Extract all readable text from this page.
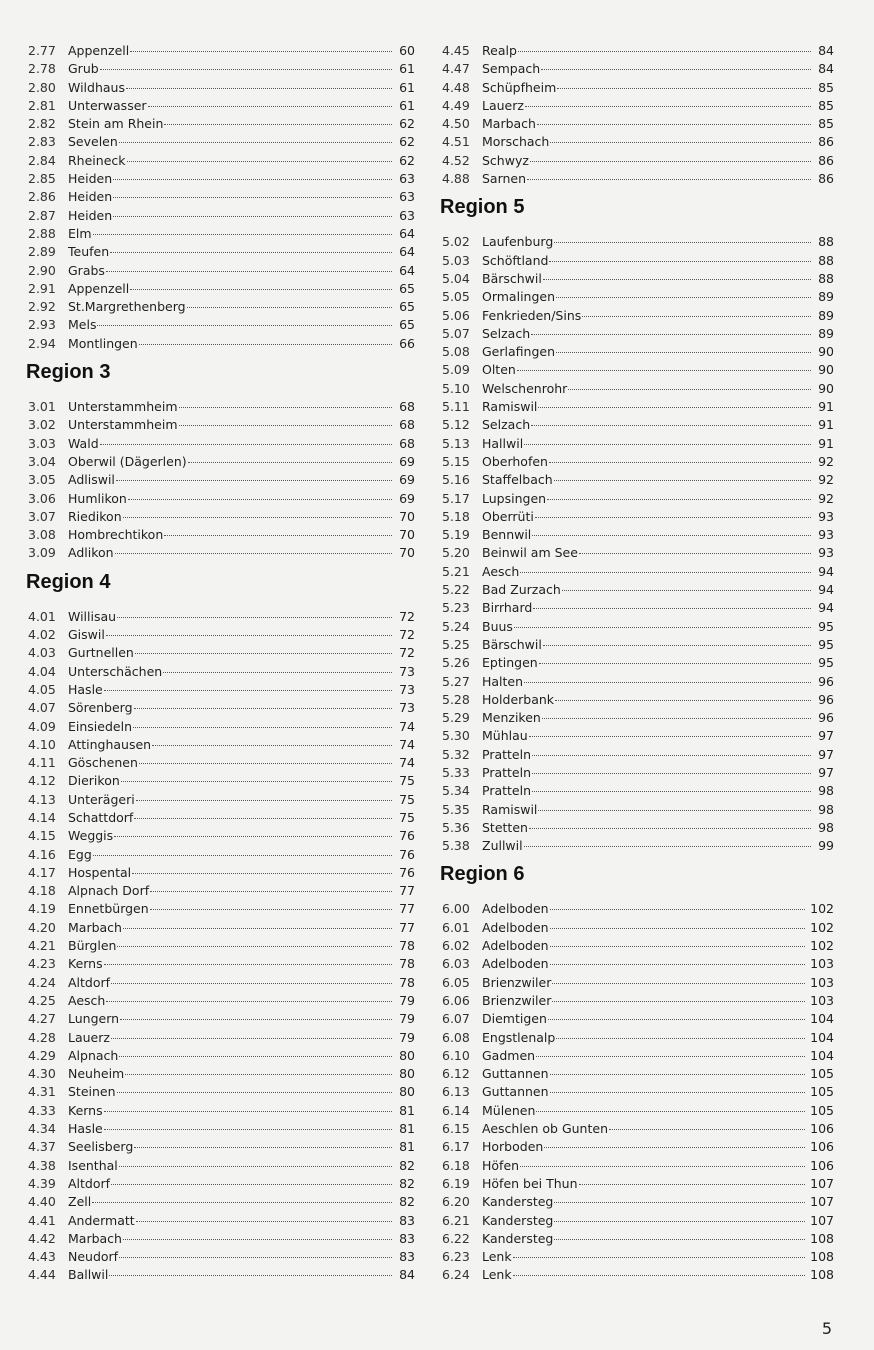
2.77 Appenzell	60
2.78 Grub	61
2.80 Wildhaus	61
2.81 Unterwasser	61
2.82 Stein am Rhein	62
2.83 Sevelen	62
2.84 Rheineck	62
2.85 Heiden	63
2.86 Heiden	63
2.87 Heiden	63
2.88 Elm	64
2.89 Teufen	64
2.90 Grabs	64
2.91 Appenzell	65
2.92 St.Margrethenberg	65
2.93 Mels	65
2.94 Montlingen	66
Region 3
3.01 Unterstammheim	68
3.02 Unterstammheim	68
3.03 Wald	68
3.04 Oberwil (Dägerlen)	69
3.05 Adliswil	69
3.06 Humlikon	69
3.07 Riedikon	70
3.08 Hombrechtikon	70
3.09 Adlikon	70
Region 4
4.01 Willisau	72
4.02 Giswil	72
4.03 Gurtnellen	72
4.04 Unterschächen	73
4.05 Hasle	73
4.07 Sörenberg	73
4.09 Einsiedeln	74
4.10 Attinghausen	74
4.11 Göschenen	74
4.12 Dierikon	75
4.13 Unterägeri	75
4.14 Schattdorf	75
4.15 Weggis	76
4.16 Egg	76
4.17 Hospental	76
4.18 Alpnach Dorf	77
4.19 Ennetbürgen	77
4.20 Marbach	77
4.21 Bürglen	78
4.23 Kerns	78
4.24 Altdorf	78
4.25 Aesch	79
4.27 Lungern	79
4.28 Lauerz	79
4.29 Alpnach	80
4.30 Neuheim	80
4.31 Steinen	80
4.33 Kerns	81
4.34 Hasle	81
4.37 Seelisberg	81
4.38 Isenthal	82
4.39 Altdorf	82
4.40 Zell	82
4.41 Andermatt	83
4.42 Marbach	83
4.43 Neudorf	83
4.44 Ballwil	84
4.45 Realp	84
4.47 Sempach	84
4.48 Schüpfheim	85
4.49 Lauerz	85
4.50 Marbach	85
4.51 Morschach	86
4.52 Schwyz	86
4.88 Sarnen	86
Region 5
5.02 Laufenburg	88
5.03 Schöftland	88
5.04 Bärschwil	88
5.05 Ormalingen	89
5.06 Fenkrieden/Sins	89
5.07 Selzach	89
5.08 Gerlafingen	90
5.09 Olten	90
5.10 Welschenrohr	90
5.11 Ramiswil	91
5.12 Selzach	91
5.13 Hallwil	91
5.15 Oberhofen	92
5.16 Staffelbach	92
5.17 Lupsingen	92
5.18 Oberrüti	93
5.19 Bennwil	93
5.20 Beinwil am See	93
5.21 Aesch	94
5.22 Bad Zurzach	94
5.23 Birrhard	94
5.24 Buus	95
5.25 Bärschwil	95
5.26 Eptingen	95
5.27 Halten	96
5.28 Holderbank	96
5.29 Menziken	96
5.30 Mühlau	97
5.32 Pratteln	97
5.33 Pratteln	97
5.34 Pratteln	98
5.35 Ramiswil	98
5.36 Stetten	98
5.38 Zullwil	99
Region 6
6.00 Adelboden	102
6.01 Adelboden	102
6.02 Adelboden	102
6.03 Adelboden	103
6.05 Brienzwiler	103
6.06 Brienzwiler	103
6.07 Diemtigen	104
6.08 Engstlenalp	104
6.10 Gadmen	104
6.12 Guttannen	105
6.13 Guttannen	105
6.14 Mülenen	105
6.15 Aeschlen ob Gunten	106
6.17 Horboden	106
6.18 Höfen	106
6.19 Höfen bei Thun	107
6.20 Kandersteg	107
6.21 Kandersteg	107
6.22 Kandersteg	108
6.23 Lenk	108
6.24 Lenk	108
5
